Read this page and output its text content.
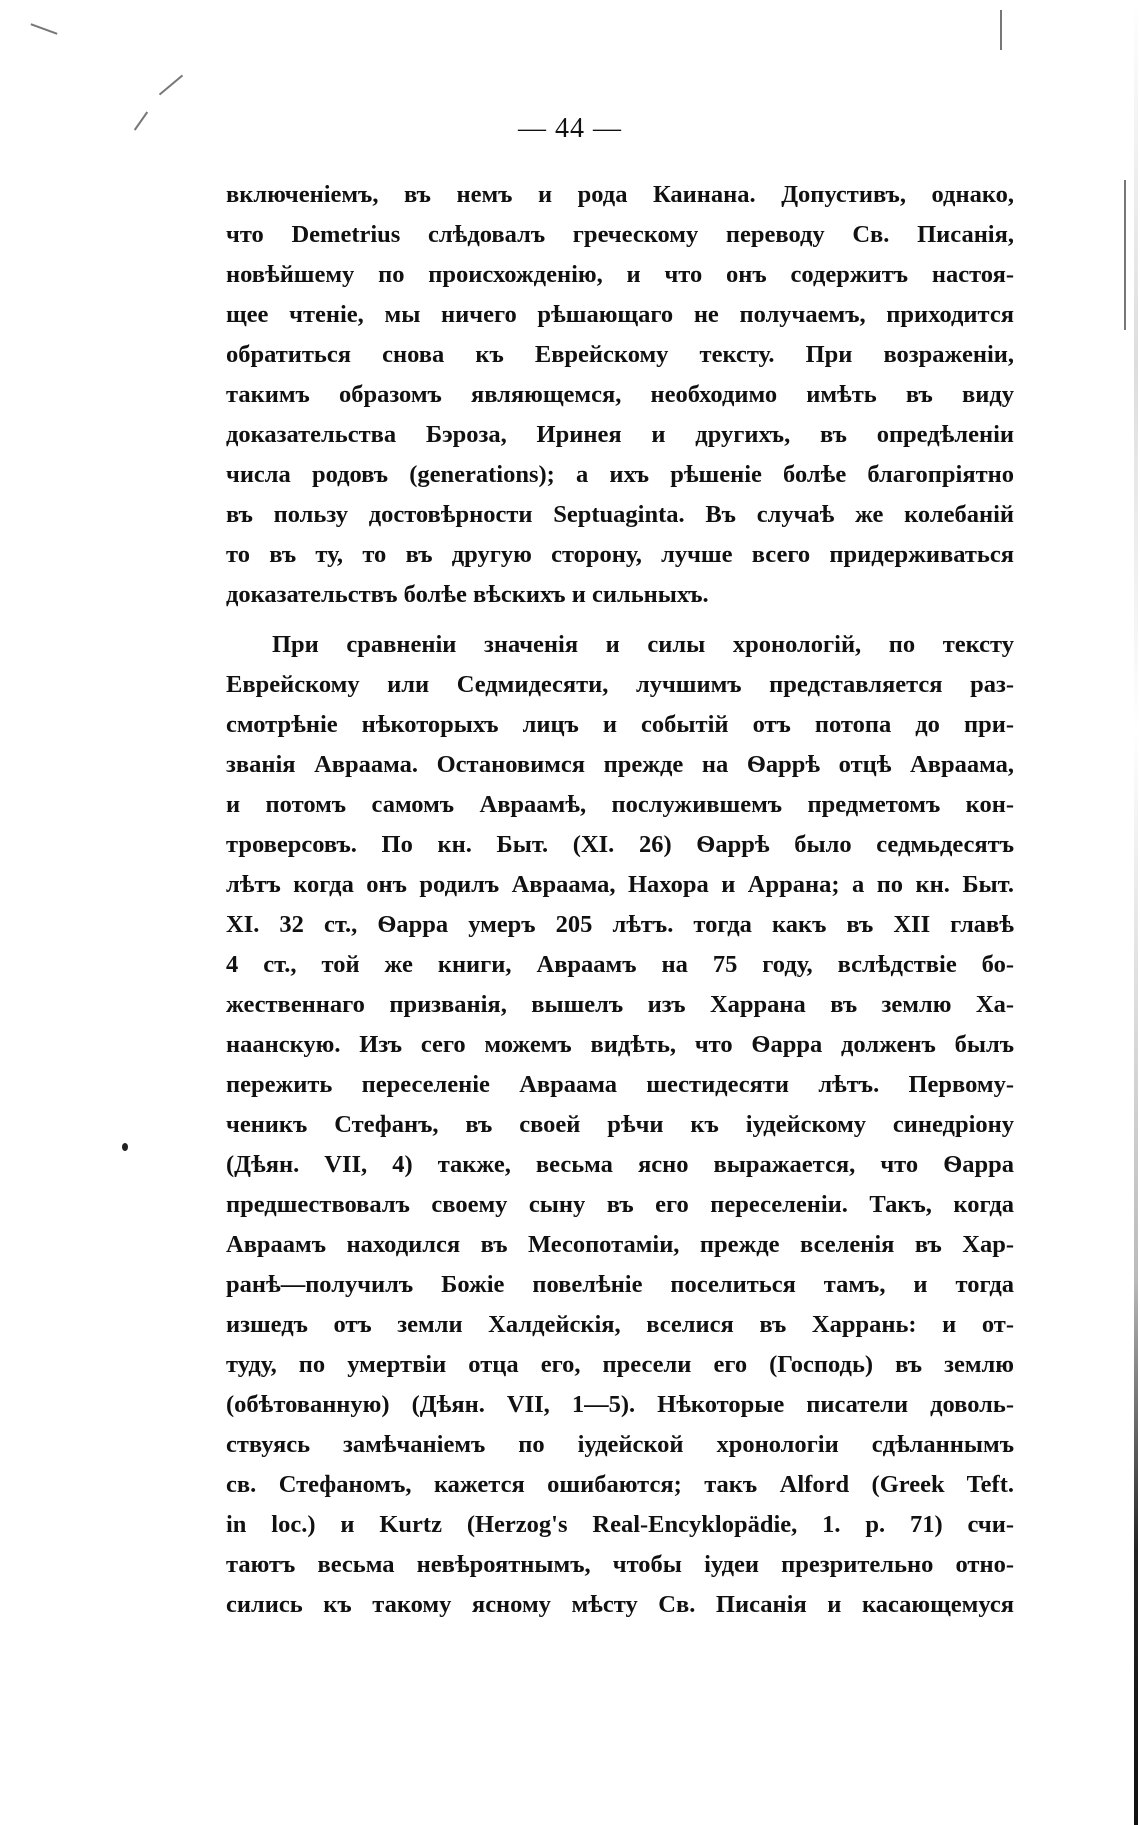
— 44 —
включеніемъ, въ немъ и рода Каинана. Допустивъ, однако,
что Demetrius слѣдовалъ греческому переводу Св. Писанія,
новѣйшему по происхожденію, и что онъ содержитъ настоя-
щее чтеніе, мы ничего рѣшающаго не получаемъ, приходится
обратиться снова къ Еврейскому тексту. При возраженіи,
такимъ образомъ являющемся, необходимо имѣть въ виду
доказательства Бэроза, Иринея и другихъ, въ опредѣленіи
числа родовъ (generations); а ихъ рѣшеніе болѣе благопріятно
въ пользу достовѣрности Septuaginta. Въ случаѣ же колебаній
то въ ту, то въ другую сторону, лучше всего придерживаться
доказательствъ болѣе вѣскихъ и сильныхъ.
При сравненіи значенія и силы хронологій, по тексту
Еврейскому или Седмидесяти, лучшимъ представляется раз-
смотрѣніе нѣкоторыхъ лицъ и событій отъ потопа до при-
званія Авраама. Остановимся прежде на Ѳаррѣ отцѣ Авраама,
и потомъ самомъ Авраамѣ, послужившемъ предметомъ кон-
троверсовъ. По кн. Быт. (XI. 26) Ѳаррѣ было седмьдесятъ
лѣтъ когда онъ родилъ Авраама, Нахора и Аррана; а по кн. Быт.
XI. 32 ст., Ѳарра умеръ 205 лѣтъ. тогда какъ въ XII главѣ
4 ст., той же книги, Авраамъ на 75 году, вслѣдствіе бо-
жественнаго призванія, вышелъ изъ Харрана въ землю Ха-
наанскую. Изъ сего можемъ видѣть, что Ѳарра долженъ былъ
пережить переселеніе Авраама шестидесяти лѣтъ. Первому-
ченикъ Стефанъ, въ своей рѣчи къ іудейскому синедріону
(Дѣян. VII, 4) также, весьма ясно выражается, что Ѳарра
предшествовалъ своему сыну въ его переселеніи. Такъ, когда
Авраамъ находился въ Месопотаміи, прежде вселенія въ Хар-
ранѣ—получилъ Божіе повелѣніе поселиться тамъ, и тогда
изшедъ отъ земли Халдейскія, вселися въ Харрань: и от-
туду, по умертвіи отца его, пресели его (Господь) въ землю
(обѣтованную) (Дѣян. VII, 1—5). Нѣкоторые писатели доволь-
ствуясь замѣчаніемъ по іудейской хронологіи сдѣланнымъ
св. Стефаномъ, кажется ошибаются; такъ Alford (Greek Teft.
in loc.) и Kurtz (Herzog's Real-Encyklopädie, 1. p. 71) счи-
таютъ весьма невѣроятнымъ, чтобы іудеи презрительно отно-
сились къ такому ясному мѣсту Св. Писанія и касающемуся
